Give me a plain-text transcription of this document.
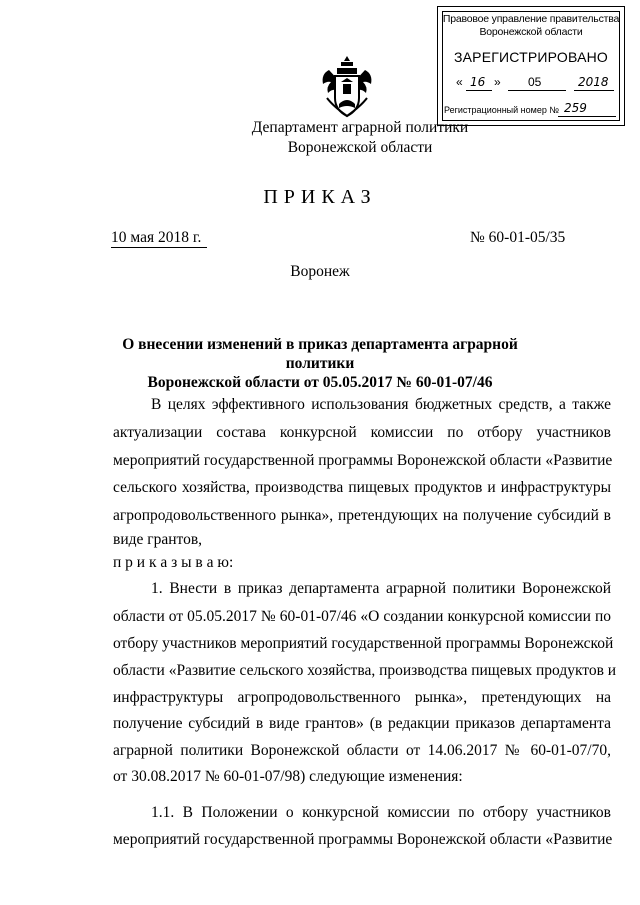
Правовое управление правительства
Воронежской области
ЗАРЕГИСТРИРОВАНО
« 16 » 05	2018
Регистрационный номер № 259
Департамент аграрной политики
Воронежской области
ПРИКАЗ
10 мая 2018 г.	№ 60-01-05/35
Воронеж
О внесении изменений в приказ департамента аграрной политики
Воронежской области от 05.05.2017 № 60-01-07/46
В целях эффективного использования бюджетных средств, а также
актуализации состава конкурсной комиссии по отбору участников
мероприятий государственной программы Воронежской области «Развитие
сельского хозяйства, производства пищевых продуктов и инфраструктуры
агропродовольственного рынка», претендующих на получение субсидий в
виде грантов,
п р и к а з ы в а ю:
1. Внести в приказ департамента аграрной политики Воронежской
области от 05.05.2017 № 60-01-07/46 «О создании конкурсной комиссии по
отбору участников мероприятий государственной программы Воронежской
области «Развитие сельского хозяйства, производства пищевых продуктов и
инфраструктуры агропродовольственного рынка», претендующих на
получение субсидий в виде грантов» (в редакции приказов департамента
аграрной политики Воронежской области от 14.06.2017 № 60-01-07/70,
от 30.08.2017 № 60-01-07/98) следующие изменения:
1.1. В Положении о конкурсной комиссии по отбору участников
мероприятий государственной программы Воронежской области «Развитие
